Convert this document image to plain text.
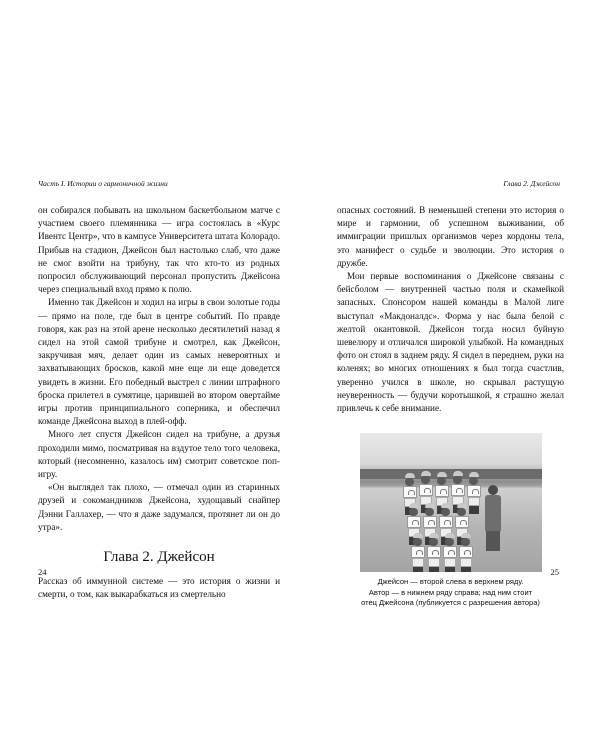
Часть I. Истории о гармоничной жизни	Глава 2. Джейсон

он собирался побывать на школьном баскетбольном матче с участием своего племянника — игра состоялась в «Курс Ивентс Центр», что в кампусе Университета штата Колорадо. Прибыв на стадион, Джейсон был настолько слаб, что даже не смог взойти на трибуну, так что кто-то из родных попросил обслуживающий персонал пропустить Джейсона через специальный вход прямо к полю.

Именно так Джейсон и ходил на игры в свои золотые годы — прямо на поле, где был в центре событий. По правде говоря, как раз на этой арене несколько десятилетий назад я сидел на этой самой трибуне и смотрел, как Джейсон, закручивая мяч, делает один из самых невероятных и захватывающих бросков, какой мне еще ли еще доведется увидеть в жизни. Его победный выстрел с линии штрафного броска прилетел в сумятице, царившей во втором овертайме игры против принципиального соперника, и обеспечил команде Джейсона выход в плей-офф.

Много лет спустя Джейсон сидел на трибуне, а друзья проходили мимо, посматривая на вздутое тело того человека, который (несомненно, казалось им) смотрит советское поп-игру.

«Он выглядел так плохо, — отмечал один из старинных друзей и сокомандников Джейсона, худощавый снайпер Дэнни Галлахер, — что я даже задумался, протянет ли он до утра».

Глава 2. Джейсон

Рассказ об иммунной системе — это история о жизни и смерти, о том, как выкарабкаться из смертельно

опасных состояний. В неменьшей степени это история о мире и гармонии, об успешном выживании, об иммиграции пришлых организмов через кордоны тела, это манифест о судьбе и эволюции. Это история о дружбе.

Мои первые воспоминания о Джейсоне связаны с бейсболом — внутренней частью поля и скамейкой запасных. Спонсором нашей команды в Малой лиге выступал «Макдоналдс». Форма у нас была белой с желтой окантовкой. Джейсон тогда носил буйную шевелюру и отличался широкой улыбкой. На командных фото он стоял в заднем ряду. Я сидел в переднем, руки на коленях; во многих отношениях я был тогда счастлив, уверенно учился в школе, но скрывал растущую неуверенность — будучи коротышкой, я страшно желал привлечь к себе внимание.

Джейсон — второй слева в верхнем ряду.
Автор — в нижнем ряду справа; над ним стоит
отец Джейсона (публикуется с разрешения автора)
24	25
